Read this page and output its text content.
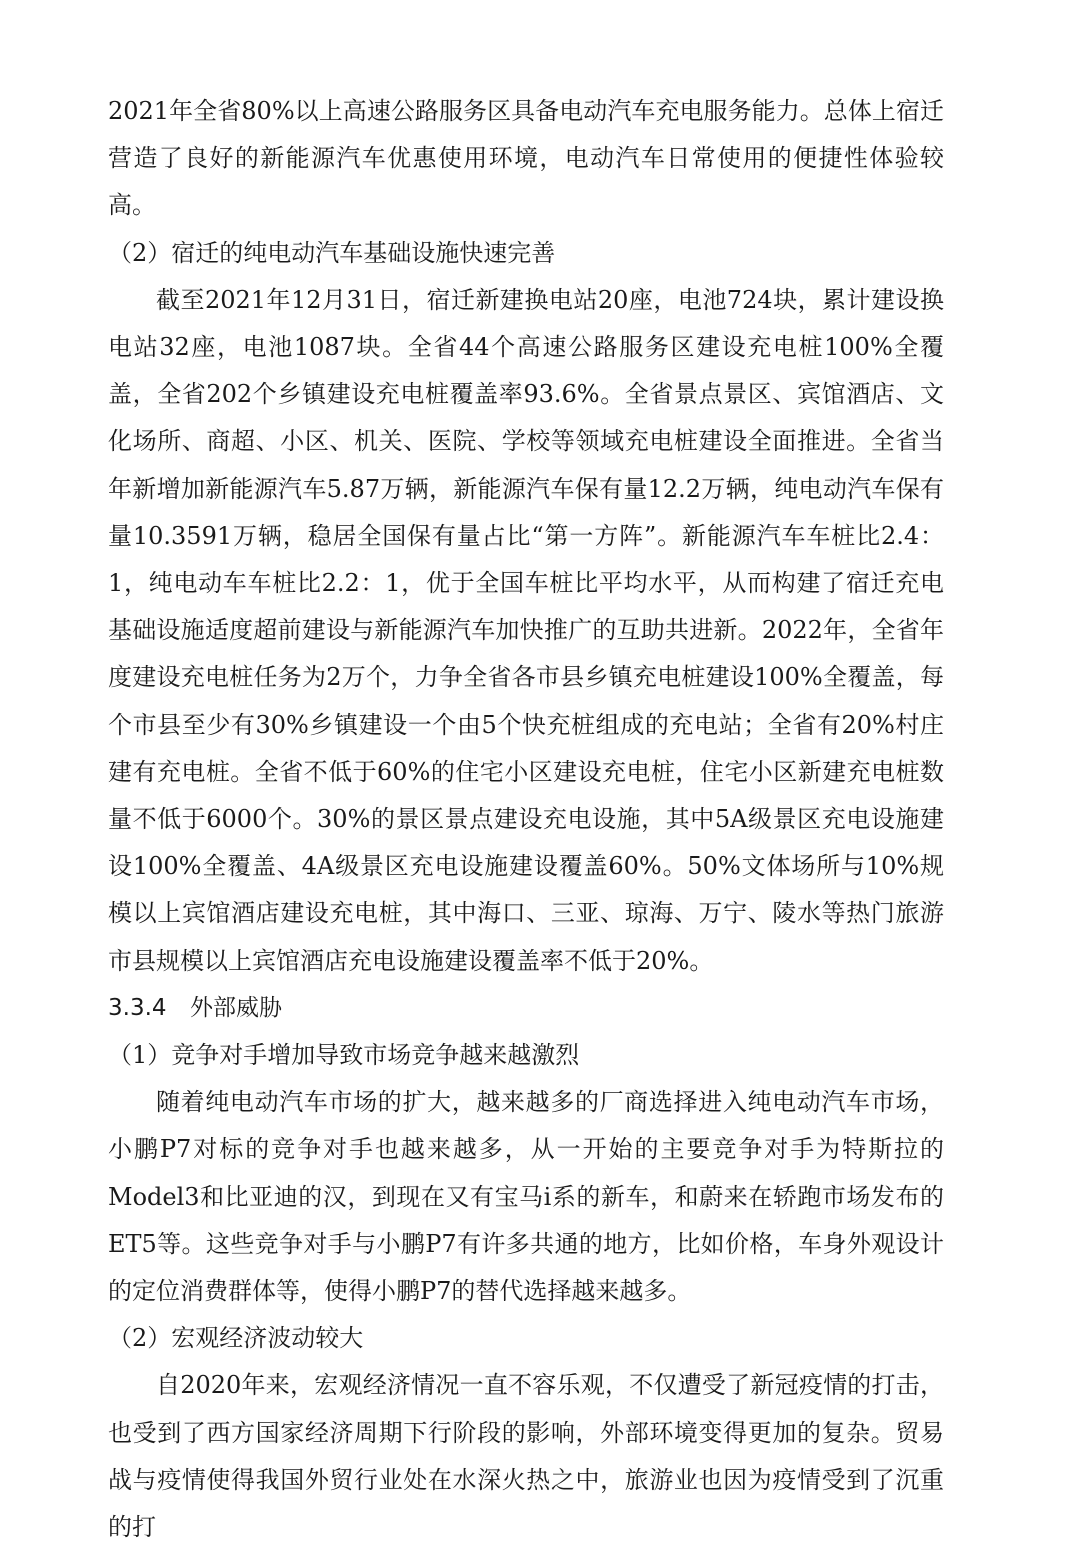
2021年全省80%以上高速公路服务区具备电动汽车充电服务能力。总体上宿迁营造了良好的新能源汽车优惠使用环境，电动汽车日常使用的便捷性体验较高。

（2）宿迁的纯电动汽车基础设施快速完善

截至2021年12月31日，宿迁新建换电站20座，电池724块，累计建设换电站32座，电池1087块。全省44个高速公路服务区建设充电桩100%全覆盖，全省202个乡镇建设充电桩覆盖率93.6%。全省景点景区、宾馆酒店、文化场所、商超、小区、机关、医院、学校等领域充电桩建设全面推进。全省当年新增加新能源汽车5.87万辆，新能源汽车保有量12.2万辆，纯电动汽车保有量10.3591万辆，稳居全国保有量占比“第一方阵”。新能源汽车车桩比2.4：1，纯电动车车桩比2.2：1，优于全国车桩比平均水平，从而构建了宿迁充电基础设施适度超前建设与新能源汽车加快推广的互助共进新。2022年，全省年度建设充电桩任务为2万个，力争全省各市县乡镇充电桩建设100%全覆盖，每个市县至少有30%乡镇建设一个由5个快充桩组成的充电站；全省有20%村庄建有充电桩。全省不低于60%的住宅小区建设充电桩，住宅小区新建充电桩数量不低于6000个。30%的景区景点建设充电设施，其中5A级景区充电设施建设100%全覆盖、4A级景区充电设施建设覆盖60%。50%文体场所与10%规模以上宾馆酒店建设充电桩，其中海口、三亚、琼海、万宁、陵水等热门旅游市县规模以上宾馆酒店充电设施建设覆盖率不低于20%。

3.3.4 外部威胁

（1）竞争对手增加导致市场竞争越来越激烈

随着纯电动汽车市场的扩大，越来越多的厂商选择进入纯电动汽车市场，小鹏P7对标的竞争对手也越来越多，从一开始的主要竞争对手为特斯拉的Model3和比亚迪的汉，到现在又有宝马i系的新车，和蔚来在轿跑市场发布的ET5等。这些竞争对手与小鹏P7有许多共通的地方，比如价格，车身外观设计的定位消费群体等，使得小鹏P7的替代选择越来越多。

（2）宏观经济波动较大

自2020年来，宏观经济情况一直不容乐观，不仅遭受了新冠疫情的打击，也受到了西方国家经济周期下行阶段的影响，外部环境变得更加的复杂。贸易战与疫情使得我国外贸行业处在水深火热之中，旅游业也因为疫情受到了沉重的打
